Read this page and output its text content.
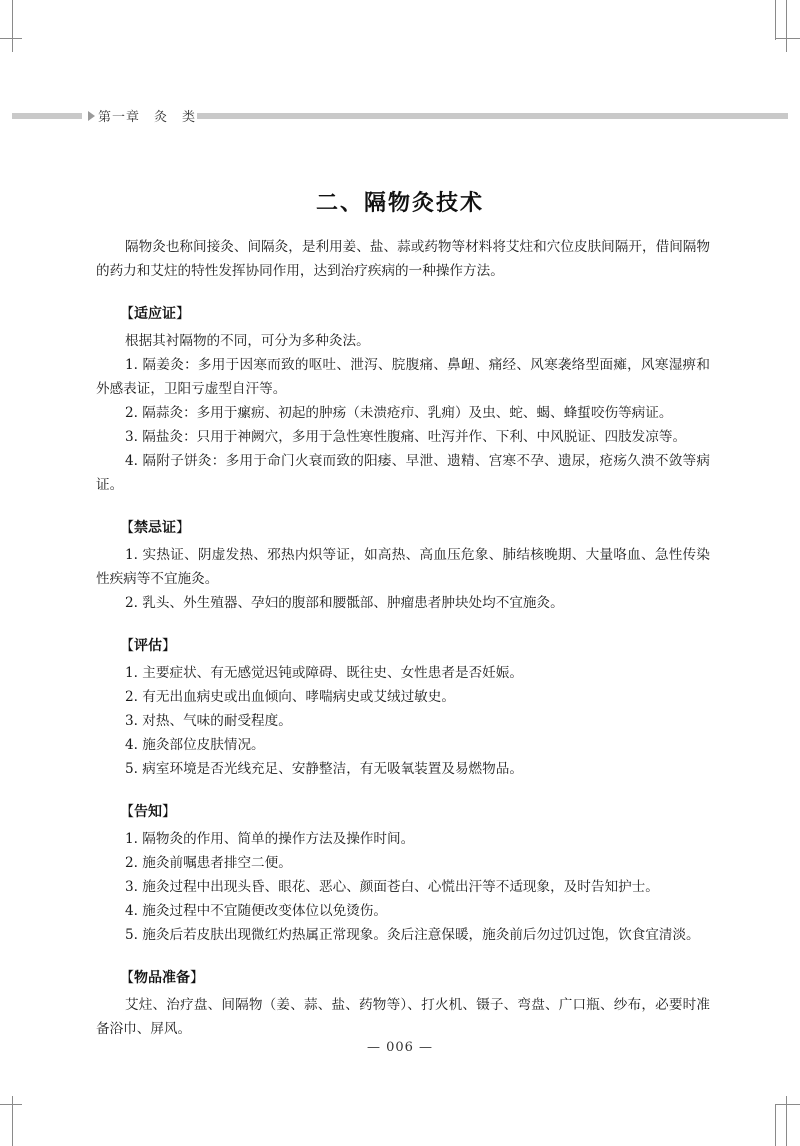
第一章　灸　类
二、隔物灸技术

隔物灸也称间接灸、间隔灸，是利用姜、盐、蒜或药物等材料将艾炷和穴位皮肤间隔开，借间隔物的药力和艾炷的特性发挥协同作用，达到治疗疾病的一种操作方法。

【适应证】

根据其衬隔物的不同，可分为多种灸法。

1. 隔姜灸：多用于因寒而致的呕吐、泄泻、脘腹痛、鼻衄、痛经、风寒袭络型面瘫，风寒湿痹和外感表证，卫阳亏虚型自汗等。

2. 隔蒜灸：多用于瘰疬、初起的肿疡（未溃疮疖、乳痈）及虫、蛇、蝎、蜂蜇咬伤等病证。

3. 隔盐灸：只用于神阙穴，多用于急性寒性腹痛、吐泻并作、下利、中风脱证、四肢发凉等。

4. 隔附子饼灸：多用于命门火衰而致的阳痿、早泄、遗精、宫寒不孕、遗尿，疮疡久溃不敛等病证。

【禁忌证】

1. 实热证、阴虚发热、邪热内炽等证，如高热、高血压危象、肺结核晚期、大量咯血、急性传染性疾病等不宜施灸。

2. 乳头、外生殖器、孕妇的腹部和腰骶部、肿瘤患者肿块处均不宜施灸。

【评估】

1. 主要症状、有无感觉迟钝或障碍、既往史、女性患者是否妊娠。

2. 有无出血病史或出血倾向、哮喘病史或艾绒过敏史。

3. 对热、气味的耐受程度。

4. 施灸部位皮肤情况。

5. 病室环境是否光线充足、安静整洁，有无吸氧装置及易燃物品。

【告知】

1. 隔物灸的作用、简单的操作方法及操作时间。

2. 施灸前嘱患者排空二便。

3. 施灸过程中出现头昏、眼花、恶心、颜面苍白、心慌出汗等不适现象，及时告知护士。

4. 施灸过程中不宜随便改变体位以免烫伤。

5. 施灸后若皮肤出现微红灼热属正常现象。灸后注意保暖，施灸前后勿过饥过饱，饮食宜清淡。

【物品准备】

艾炷、治疗盘、间隔物（姜、蒜、盐、药物等）、打火机、镊子、弯盘、广口瓶、纱布，必要时准备浴巾、屏风。

— 006 —
